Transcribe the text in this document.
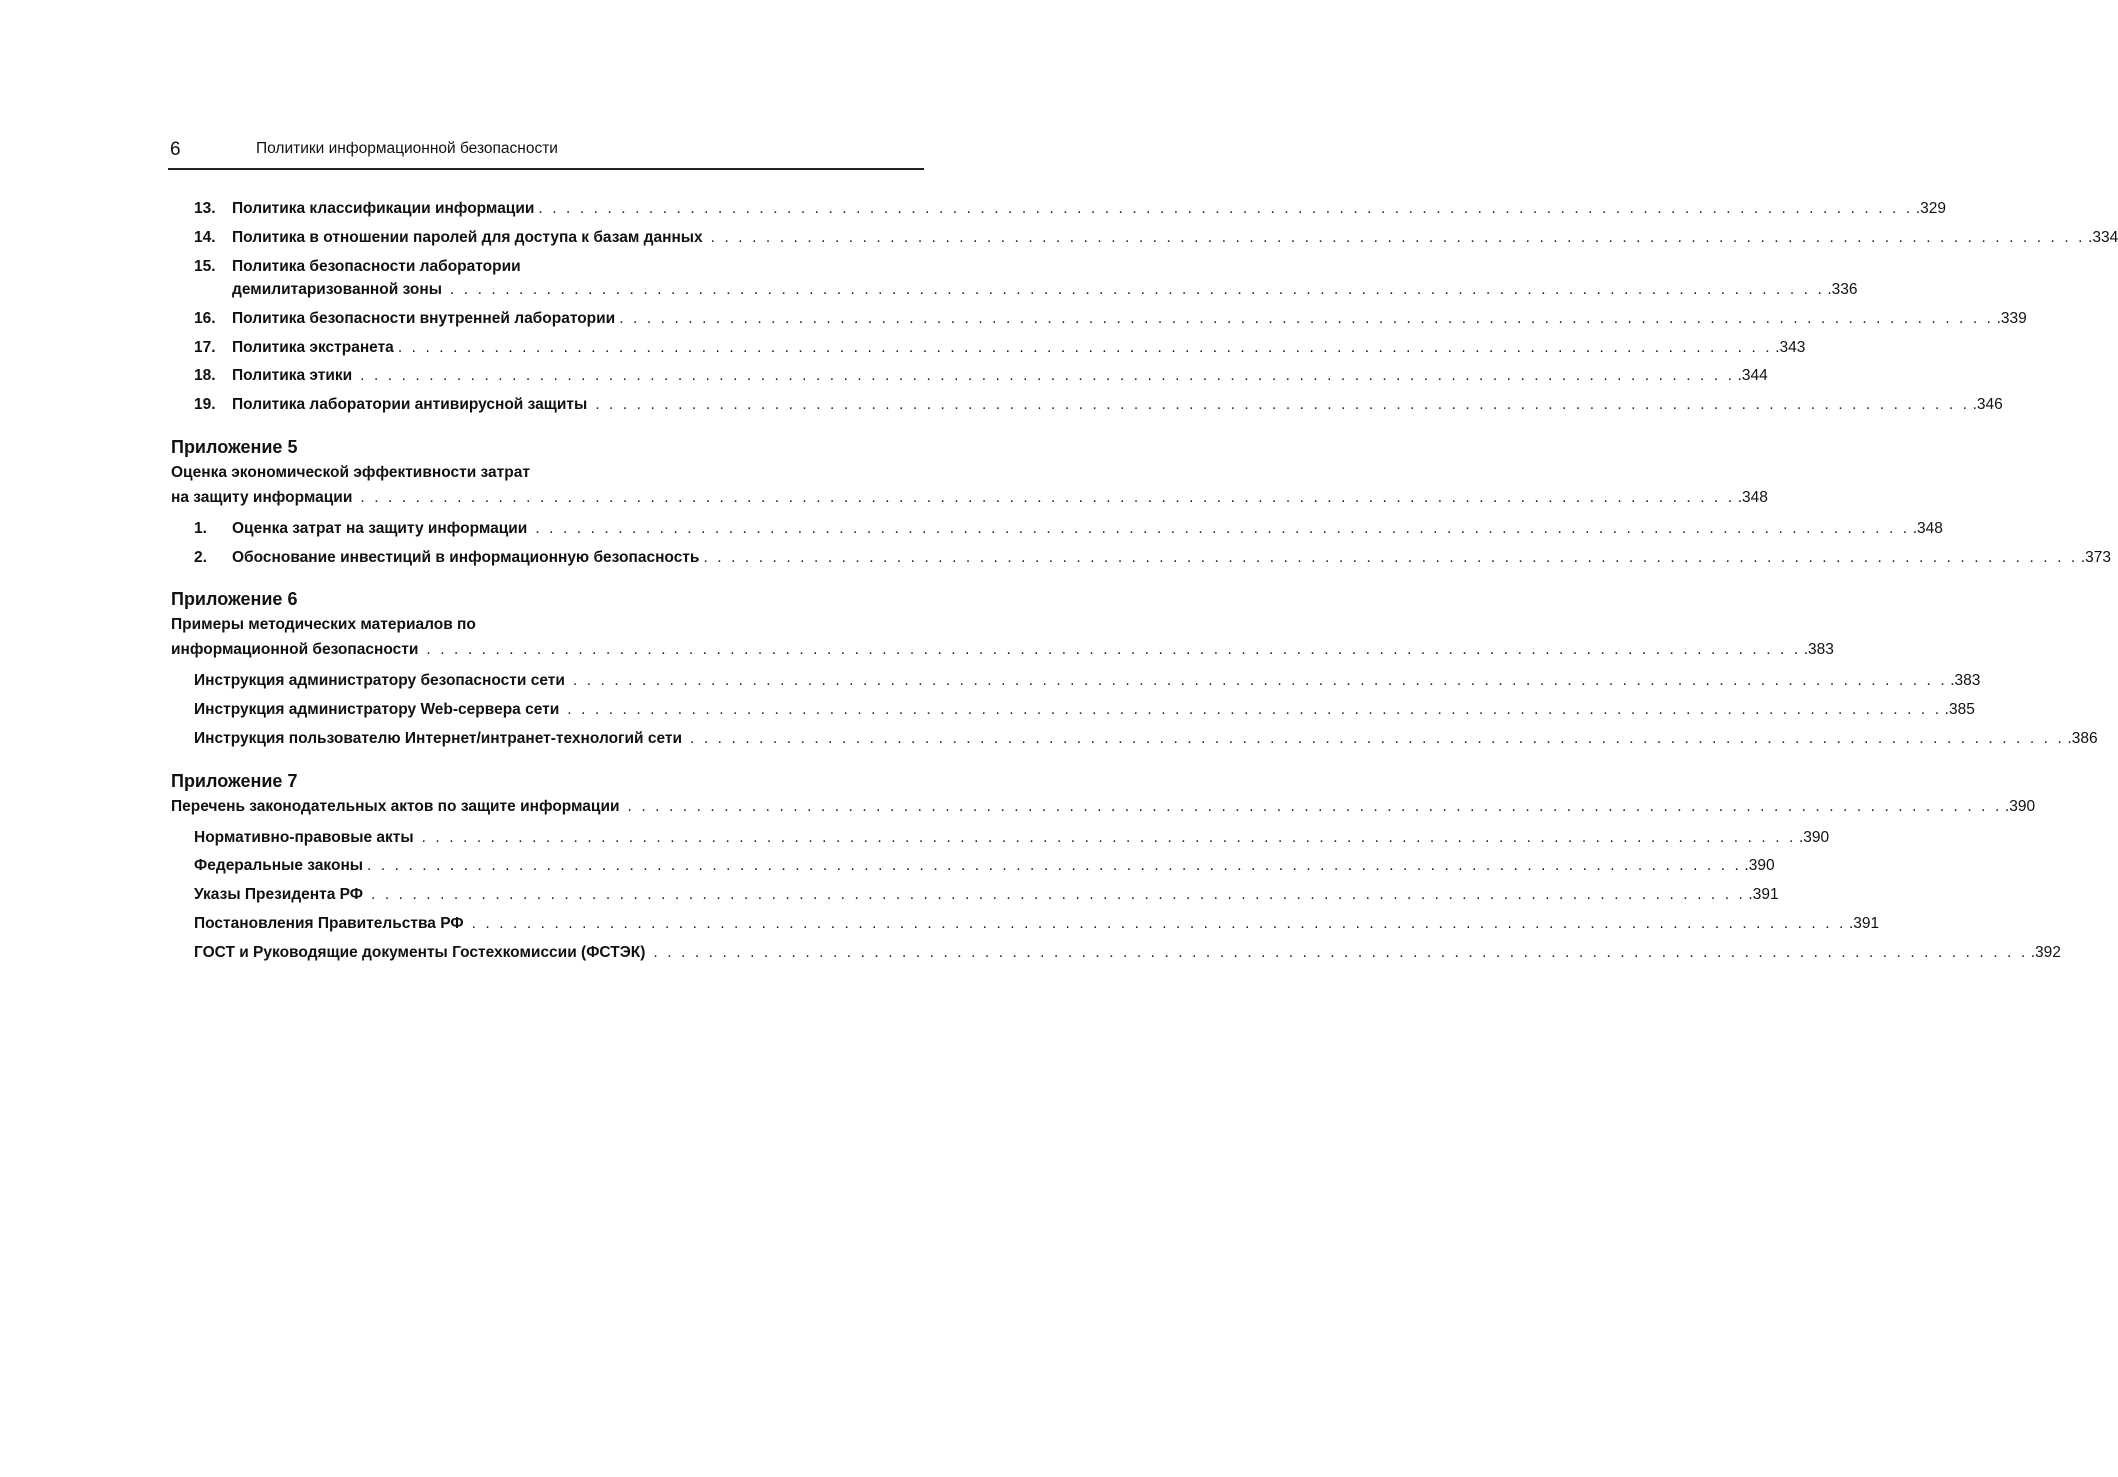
6	Политики информационной безопасности
13.	Политика классификации информации . . . . . . . . . . . . . . . . . . . . . . . . . . . . . . . . . . . . . . . . . . . . . . . . . . . . . . . . . . . . . . . . . . . . . . . . . . . . . . . . . . . . . . . . . . . . . . . . . . . . .329
14.	Политика в отношении паролей для доступа к базам данных . . . . . . . . . . . . . . . . . . . . . . . . . . . . . . . . . . . . . . . . . . . . . . . . . . . . . . . . . . . . . . . . . . . . . . . . . . . . . . . . . . . . . . . . . . . . . . . . . . . . .334
15.	Политика безопасности лаборатории
демилитаризованной зоны . . . . . . . . . . . . . . . . . . . . . . . . . . . . . . . . . . . . . . . . . . . . . . . . . . . . . . . . . . . . . . . . . . . . . . . . . . . . . . . . . . . . . . . . . . . . . . . . . . . . .336
16.	Политика безопасности внутренней лаборатории . . . . . . . . . . . . . . . . . . . . . . . . . . . . . . . . . . . . . . . . . . . . . . . . . . . . . . . . . . . . . . . . . . . . . . . . . . . . . . . . . . . . . . . . . . . . . . . . . . . . .339
17.	Политика экстранета . . . . . . . . . . . . . . . . . . . . . . . . . . . . . . . . . . . . . . . . . . . . . . . . . . . . . . . . . . . . . . . . . . . . . . . . . . . . . . . . . . . . . . . . . . . . . . . . . . . . .343
18.	Политика этики . . . . . . . . . . . . . . . . . . . . . . . . . . . . . . . . . . . . . . . . . . . . . . . . . . . . . . . . . . . . . . . . . . . . . . . . . . . . . . . . . . . . . . . . . . . . . . . . . . . . .344
19.	Политика лаборатории антивирусной защиты . . . . . . . . . . . . . . . . . . . . . . . . . . . . . . . . . . . . . . . . . . . . . . . . . . . . . . . . . . . . . . . . . . . . . . . . . . . . . . . . . . . . . . . . . . . . . . . . . . . . .346
Приложение 5
Оценка экономической эффективности затрат
на защиту информации . . . . . . . . . . . . . . . . . . . . . . . . . . . . . . . . . . . . . . . . . . . . . . . . . . . . . . . . . . . . . . . . . . . . . . . . . . . . . . . . . . . . . . . . . . . . . . . . . . . . .348
1.	Оценка затрат на защиту информации . . . . . . . . . . . . . . . . . . . . . . . . . . . . . . . . . . . . . . . . . . . . . . . . . . . . . . . . . . . . . . . . . . . . . . . . . . . . . . . . . . . . . . . . . . . . . . . . . . . . .348
2.	Обоснование инвестиций в информационную безопасность . . . . . . . . . . . . . . . . . . . . . . . . . . . . . . . . . . . . . . . . . . . . . . . . . . . . . . . . . . . . . . . . . . . . . . . . . . . . . . . . . . . . . . . . . . . . . . . . . . . . .373
Приложение 6
Примеры методических материалов по
информационной безопасности . . . . . . . . . . . . . . . . . . . . . . . . . . . . . . . . . . . . . . . . . . . . . . . . . . . . . . . . . . . . . . . . . . . . . . . . . . . . . . . . . . . . . . . . . . . . . . . . . . . . .383
Инструкция администратору безопасности сети . . . . . . . . . . . . . . . . . . . . . . . . . . . . . . . . . . . . . . . . . . . . . . . . . . . . . . . . . . . . . . . . . . . . . . . . . . . . . . . . . . . . . . . . . . . . . . . . . . . . .383
Инструкция администратору Web-сервера сети . . . . . . . . . . . . . . . . . . . . . . . . . . . . . . . . . . . . . . . . . . . . . . . . . . . . . . . . . . . . . . . . . . . . . . . . . . . . . . . . . . . . . . . . . . . . . . . . . . . . .385
Инструкция пользователю Интернет/интранет-технологий сети . . . . . . . . . . . . . . . . . . . . . . . . . . . . . . . . . . . . . . . . . . . . . . . . . . . . . . . . . . . . . . . . . . . . . . . . . . . . . . . . . . . . . . . . . . . . . . . . . . . . .386
Приложение 7
Перечень законодательных актов по защите информации . . . . . . . . . . . . . . . . . . . . . . . . . . . . . . . . . . . . . . . . . . . . . . . . . . . . . . . . . . . . . . . . . . . . . . . . . . . . . . . . . . . . . . . . . . . . . . . . . . . . .390
Нормативно-правовые акты . . . . . . . . . . . . . . . . . . . . . . . . . . . . . . . . . . . . . . . . . . . . . . . . . . . . . . . . . . . . . . . . . . . . . . . . . . . . . . . . . . . . . . . . . . . . . . . . . . . . .390
Федеральные законы . . . . . . . . . . . . . . . . . . . . . . . . . . . . . . . . . . . . . . . . . . . . . . . . . . . . . . . . . . . . . . . . . . . . . . . . . . . . . . . . . . . . . . . . . . . . . . . . . . . . .390
Указы Президента РФ . . . . . . . . . . . . . . . . . . . . . . . . . . . . . . . . . . . . . . . . . . . . . . . . . . . . . . . . . . . . . . . . . . . . . . . . . . . . . . . . . . . . . . . . . . . . . . . . . . . . .391
Постановления Правительства РФ . . . . . . . . . . . . . . . . . . . . . . . . . . . . . . . . . . . . . . . . . . . . . . . . . . . . . . . . . . . . . . . . . . . . . . . . . . . . . . . . . . . . . . . . . . . . . . . . . . . . .391
ГОСТ и Руководящие документы Гостехкомиссии (ФСТЭК) . . . . . . . . . . . . . . . . . . . . . . . . . . . . . . . . . . . . . . . . . . . . . . . . . . . . . . . . . . . . . . . . . . . . . . . . . . . . . . . . . . . . . . . . . . . . . . . . . . . . .392
